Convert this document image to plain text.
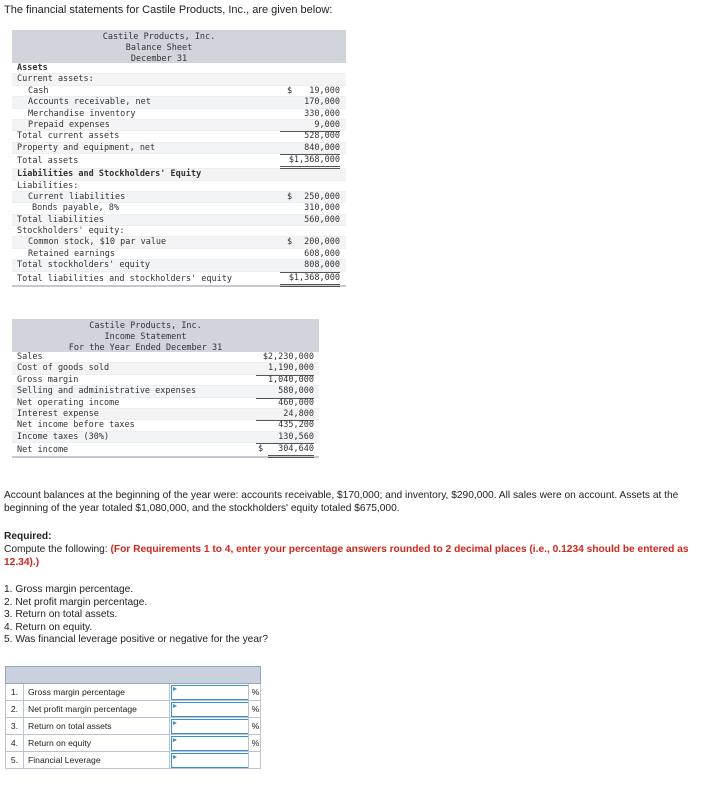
The financial statements for Castile Products, Inc., are given below:
Castile Products, Inc.
Balance Sheet
December 31
Assets
Current assets:
Cash	$	19,000
Accounts receivable, net	170,000
Merchandise inventory	330,000
Prepaid expenses	9,000
Total current assets	528,000
Property and equipment, net	840,000
Total assets	$1,368,000
Liabilities and Stockholders' Equity
Liabilities:
Current liabilities	$	250,000
Bonds payable, 8%	310,000
Total liabilities	560,000
Stockholders' equity:
Common stock, $10 par value	$	200,000
Retained earnings	608,000
Total stockholders' equity	808,000
Total liabilities and stockholders' equity	$1,368,000
Castile Products, Inc.
Income Statement
For the Year Ended December 31
Sales	$2,230,000
Cost of goods sold	1,190,000
Gross margin	1,040,000
Selling and administrative expenses	580,000
Net operating income	460,000
Interest expense	24,800
Net income before taxes	435,200
Income taxes (30%)	130,560
Net income	$	304,640
Account balances at the beginning of the year were: accounts receivable, $170,000; and inventory, $290,000. All sales were on account. Assets at the beginning of the year totaled $1,080,000, and the stockholders' equity totaled $675,000.
Required:
Compute the following: (For Requirements 1 to 4, enter your percentage answers rounded to 2 decimal places (i.e., 0.1234 should be entered as 12.34).)
1. Gross margin percentage.
2. Net profit margin percentage.
3. Return on total assets.
4. Return on equity.
5. Was financial leverage positive or negative for the year?
1.	Gross margin percentage	%
2.	Net profit margin percentage	%
3.	Return on total assets	%
4.	Return on equity	%
5.	Financial Leverage
